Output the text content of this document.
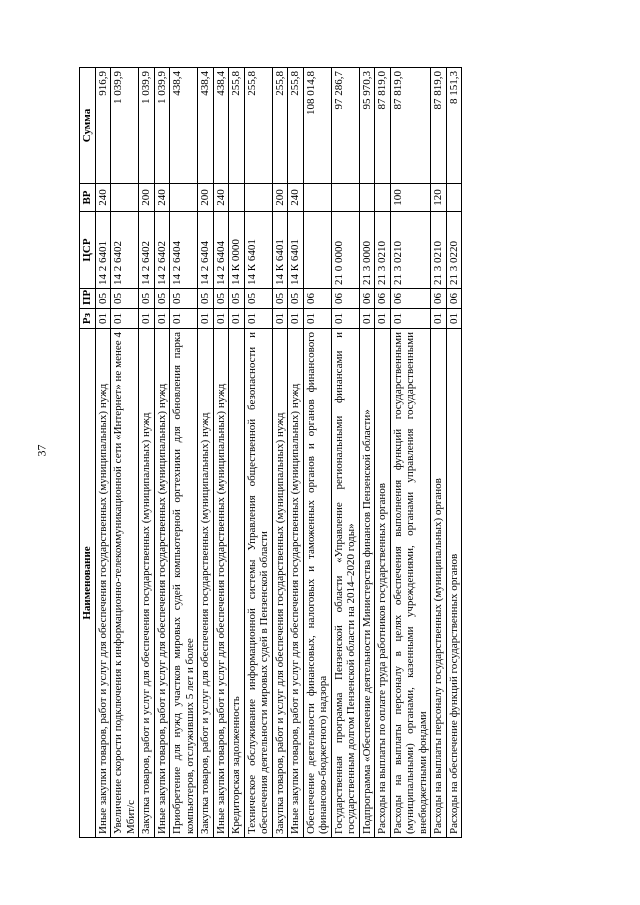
37
Наименование	Рз	ПР	ЦСР	ВР	Сумма
Иные закупки товаров, работ и услуг для обеспечения государственных (муниципальных) нужд	01	05	14 2 6401	240	916,9
Увеличение скорости подключения к информационно-телекоммуникационной сети «Интернет» не менее 4 Мбит/с	01	05	14 2 6402		1 039,9
Закупка товаров, работ и услуг для обеспечения государственных (муниципальных) нужд	01	05	14 2 6402	200	1 039,9
Иные закупки товаров, работ и услуг для обеспечения государственных (муниципальных) нужд	01	05	14 2 6402	240	1 039,9
Приобретение для нужд участков мировых судей компьютерной оргтехники для обновления парка компьютеров, отслуживших 5 лет и более	01	05	14 2 6404		438,4
Закупка товаров, работ и услуг для обеспечения государственных (муниципальных) нужд	01	05	14 2 6404	200	438,4
Иные закупки товаров, работ и услуг для обеспечения государственных (муниципальных) нужд	01	05	14 2 6404	240	438,4
Кредиторская задолженность	01	05	14 К 0000		255,8
Техническое обслуживание информационной системы Управления общественной безопасности и обеспечения деятельности мировых судей в Пензенской области	01	05	14 К 6401		255,8
Закупка товаров, работ и услуг для обеспечения государственных (муниципальных) нужд	01	05	14 К 6401	200	255,8
Иные закупки товаров, работ и услуг для обеспечения государственных (муниципальных) нужд	01	05	14 К 6401	240	255,8
Обеспечение деятельности финансовых, налоговых и таможенных органов и органов финансового (финансово-бюджетного) надзора	01	06			108 014,8
Государственная программа Пензенской области «Управление региональными финансами и государственным долгом Пензенской области на 2014–2020 годы»	01	06	21 0 0000		97 286,7
Подпрограмма «Обеспечение деятельности Министерства финансов Пензенской области»	01	06	21 3 0000		95 970,3
Расходы на выплаты по оплате труда работников государственных органов	01	06	21 3 0210		87 819,0
Расходы на выплаты персоналу в целях обеспечения выполнения функций государственными (муниципальными) органами, казенными учреждениями, органами управления государственными внебюджетными фондами	01	06	21 3 0210	100	87 819,0
Расходы на выплаты персоналу государственных (муниципальных) органов	01	06	21 3 0210	120	87 819,0
Расходы на обеспечение функций государственных органов	01	06	21 3 0220		8 151,3
